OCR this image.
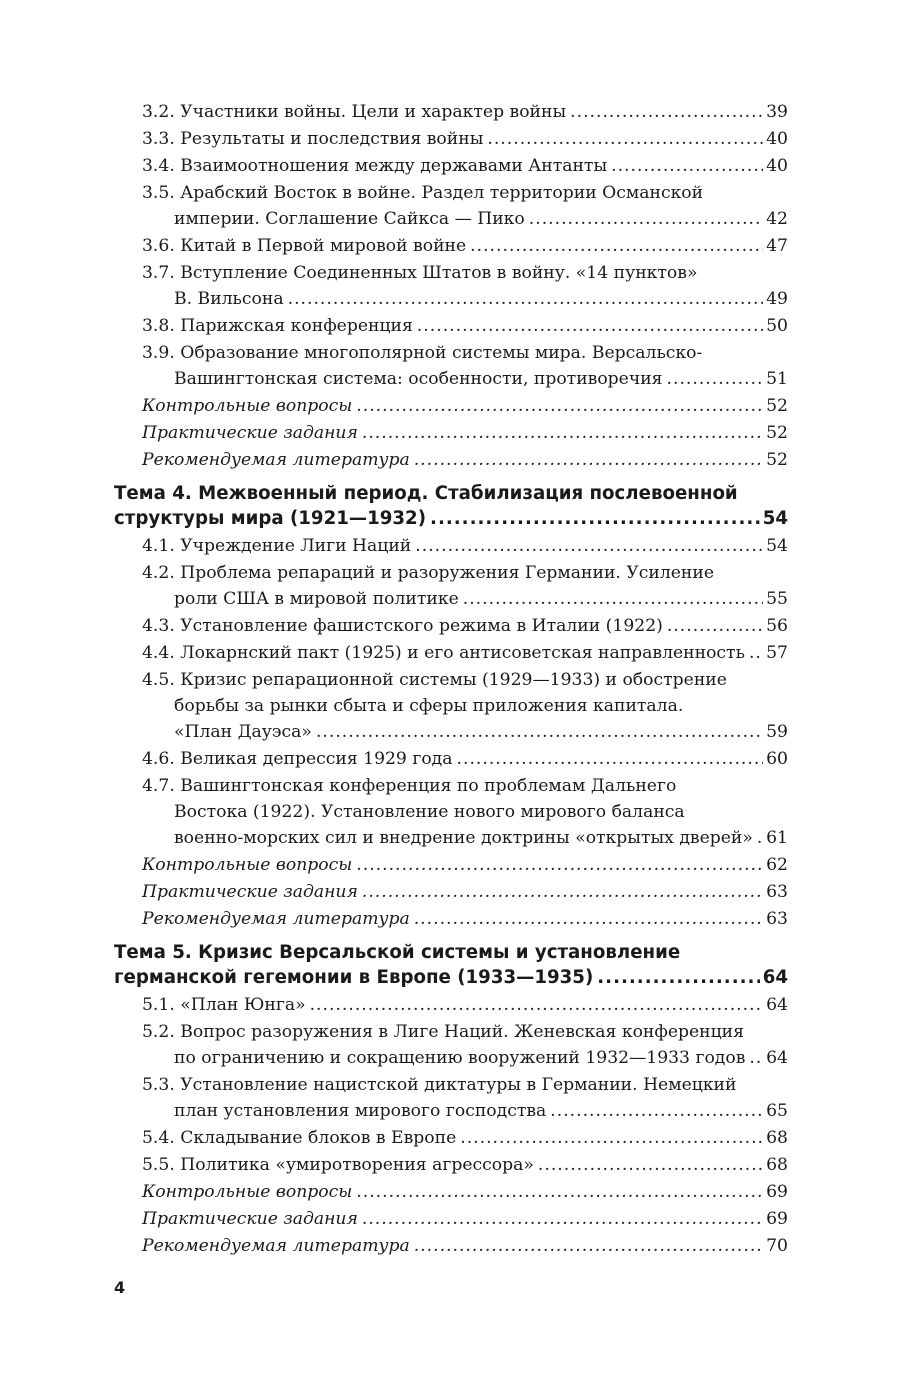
3.2. Участники войны. Цели и характер войны .....	39
3.3. Результаты и последствия войны .....	40
3.4. Взаимоотношения между державами Антанты .....	40
3.5. Арабский Восток в войне. Раздел территории Османской
империи. Соглашение Сайкса — Пико .....	42
3.6. Китай в Первой мировой войне .....	47
3.7. Вступление Соединенных Штатов в войну. «14 пунктов»
В. Вильсона .....	49
3.8. Парижская конференция .....	50
3.9. Образование многополярной системы мира. Версальско-
Вашингтонская система: особенности, противоречия .....	51
Контрольные вопросы .....	52
Практические задания .....	52
Рекомендуемая литература .....	52
Тема 4. Межвоенный период. Стабилизация послевоенной
структуры мира (1921—1932) .....	54
4.1. Учреждение Лиги Наций .....	54
4.2. Проблема репараций и разоружения Германии. Усиление
роли США в мировой политике .....	55
4.3. Установление фашистского режима в Италии (1922) .....	56
4.4. Локарнский пакт (1925) и его антисоветская направленность ..... 57
4.5. Кризис репарационной системы (1929—1933) и обострение
борьбы за рынки сбыта и сферы приложения капитала.
«План Дауэса» .....	59
4.6. Великая депрессия 1929 года .....	60
4.7. Вашингтонская конференция по проблемам Дальнего
Востока (1922). Установление нового мирового баланса
военно-морских сил и внедрение доктрины «открытых дверей» ..... 61
Контрольные вопросы .....	62
Практические задания .....	63
Рекомендуемая литература .....	63
Тема 5. Кризис Версальской системы и установление
германской гегемонии в Европе (1933—1935) .....	64
5.1. «План Юнга» .....	64
5.2. Вопрос разоружения в Лиге Наций. Женевская конференция
по ограничению и сокращению вооружений 1932—1933 годов ..... 64
5.3. Установление нацистской диктатуры в Германии. Немецкий
план установления мирового господства .....	65
5.4. Складывание блоков в Европе .....	68
5.5. Политика «умиротворения агрессора» .....	68
Контрольные вопросы .....	69
Практические задания .....	69
Рекомендуемая литература .....	70
4
